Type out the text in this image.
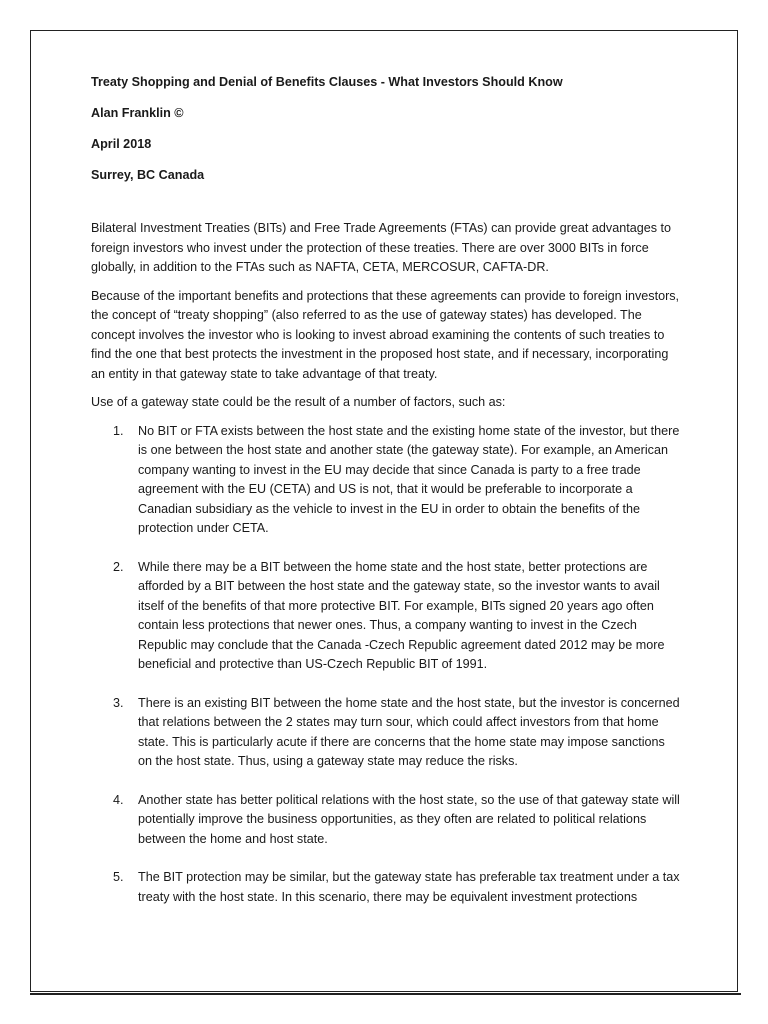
Treaty Shopping and Denial of Benefits Clauses - What Investors Should Know
Alan Franklin ©
April 2018
Surrey, BC Canada

Bilateral Investment Treaties (BITs) and Free Trade Agreements (FTAs) can provide great advantages to foreign investors who invest under the protection of these treaties. There are over 3000 BITs in force globally, in addition to the FTAs such as NAFTA, CETA, MERCOSUR, CAFTA-DR.

Because of the important benefits and protections that these agreements can provide to foreign investors, the concept of “treaty shopping” (also referred to as the use of gateway states) has developed. The concept involves the investor who is looking to invest abroad examining the contents of such treaties to find the one that best protects the investment in the proposed host state, and if necessary, incorporating an entity in that gateway state to take advantage of that treaty.

Use of a gateway state could be the result of a number of factors, such as:

1. No BIT or FTA exists between the host state and the existing home state of the investor, but there is one between the host state and another state (the gateway state). For example, an American company wanting to invest in the EU may decide that since Canada is party to a free trade agreement with the EU (CETA) and US is not, that it would be preferable to incorporate a Canadian subsidiary as the vehicle to invest in the EU in order to obtain the benefits of the protection under CETA.
2. While there may be a BIT between the home state and the host state, better protections are afforded by a BIT between the host state and the gateway state, so the investor wants to avail itself of the benefits of that more protective BIT. For example, BITs signed 20 years ago often contain less protections that newer ones. Thus, a company wanting to invest in the Czech Republic may conclude that the Canada -Czech Republic agreement dated 2012 may be more beneficial and protective than US-Czech Republic BIT of 1991.
3. There is an existing BIT between the home state and the host state, but the investor is concerned that relations between the 2 states may turn sour, which could affect investors from that home state. This is particularly acute if there are concerns that the home state may impose sanctions on the host state. Thus, using a gateway state may reduce the risks.
4. Another state has better political relations with the host state, so the use of that gateway state will potentially improve the business opportunities, as they often are related to political relations between the home and host state.
5. The BIT protection may be similar, but the gateway state has preferable tax treatment under a tax treaty with the host state. In this scenario, there may be equivalent investment protections
